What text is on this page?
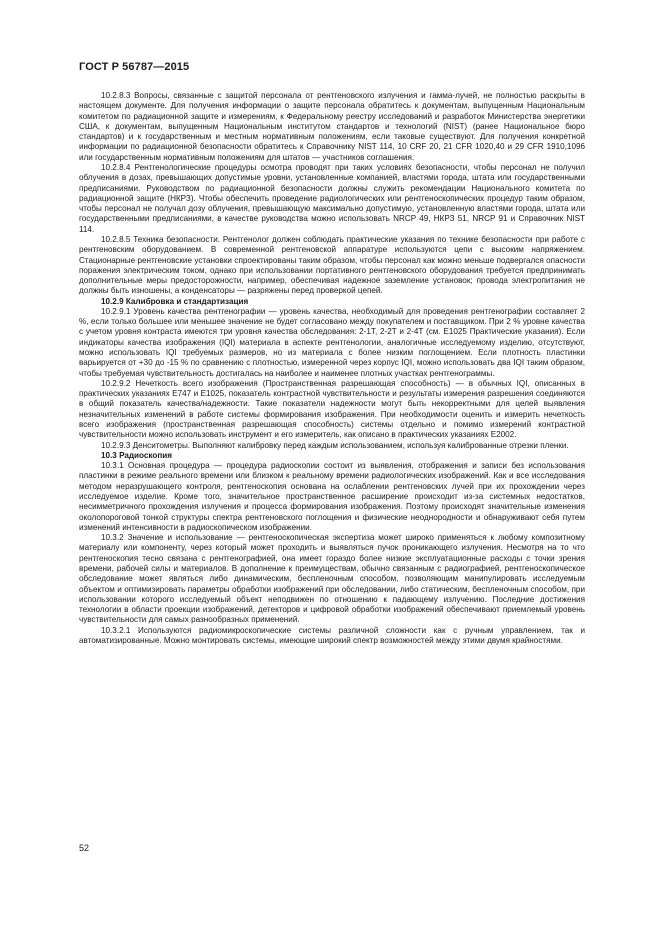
ГОСТ Р 56787—2015

10.2.8.3 Вопросы, связанные с защитой персонала от рентгеновского излучения и гамма-лучей, не полностью раскрыты в настоящем документе. Для получения информации о защите персонала обратитесь к документам, выпущенным Национальным комитетом по радиационной защите и измерениям, к Федеральному реестру исследований и разработок Министерства энергетики США, к документам, выпущенным Национальным институтом стандартов и технологий (NIST) (ранее Национальное бюро стандартов) и к государственным и местным нормативным положениям, если таковые существуют. Для получения конкретной информации по радиационной безопасности обратитесь к Справочнику NIST 114, 10 CRF 20, 21 CFR 1020,40 и 29 CFR 1910,1096 или государственным нормативным положениям для штатов — участников соглашения.

10.2.8.4 Рентгенологические процедуры осмотра проводят при таких условиях безопасности, чтобы персонал не получил облучения в дозах, превышающих допустимые уровни, установленные компанией, властями города, штата или государственными предписаниями. Руководством по радиационной безопасности должны служить рекомендации Национального комитета по радиационной защите (НКРЗ). Чтобы обеспечить проведение радиологических или рентгеноскопических процедур таким образом, чтобы персонал не получал дозу облучения, превышающую максимально допустимую, установленную властями города, штата или государственными предписаниями, в качестве руководства можно использовать NRCP 49, НКРЗ 51, NRCP 91 и Справочник NIST 114.

10.2.8.5 Техника безопасности. Рентгенолог должен соблюдать практические указания по технике безопасности при работе с рентгеновским оборудованием. В современной рентгеновской аппаратуре используются цепи с высоким напряжением. Стационарные рентгеновские установки спроектированы таким образом, чтобы персонал как можно меньше подвергался опасности поражения электрическим током, однако при использовании портативного рентгеновского оборудования требуется предпринимать дополнительные меры предосторожности, например, обеспечивая надежное заземление установок; провода электропитания не должны быть изношены, а конденсаторы — разряжены перед проверкой цепей.

10.2.9 Калибровка и стандартизация

10.2.9.1 Уровень качества рентгенографии — уровень качества, необходимый для проведения рентгенографии составляет 2 %, если только большее или меньшее значение не будет согласовано между покупателем и поставщиком. При 2 % уровне качества с учетом уровня контраста имеются три уровня качества обследования: 2-1T, 2-2T и 2-4T (см. E1025 Практические указания). Если индикаторы качества изображения (IQI) материала в аспекте рентгенологии, аналогичные исследуемому изделию, отсутствуют, можно использовать IQI требуемых размеров, но из материала с более низким поглощением. Если плотность пластинки варьируется от +30 до -15 % по сравнению с плотностью, измеренной через корпус IQI, можно использовать два IQI таким образом, чтобы требуемая чувствительность достигалась на наиболее и наименее плотных участках рентгенограммы.

10.2.9.2 Нечеткость всего изображения (Пространственная разрешающая способность) — в обычных IQI, описанных в практических указаниях E747 и E1025, показатель контрастной чувствительности и результаты измерения разрешения соединяются в общий показатель качества/надежности. Такие показатели надежности могут быть некорректными для целей выявления незначительных изменений в работе системы формирования изображения. При необходимости оценить и измерить нечеткость всего изображения (пространственная разрешающая способность) системы отдельно и помимо измерений контрастной чувствительности можно использовать инструмент и его измеритель, как описано в практических указаниях E2002.

10.2.9.3 Денситометры. Выполняют калибровку перед каждым использованием, используя калиброванные отрезки пленки.

10.3 Радиоскопия

10.3.1 Основная процедура — процедура радиоскопии состоит из выявления, отображения и записи без использования пластинки в режиме реального времени или близком к реальному времени радиологических изображений. Как и все исследования методом неразрушающего контроля, рентгеноскопия основана на ослаблении рентгеновских лучей при их прохождении через исследуемое изделие. Кроме того, значительное пространственное расширение происходит из-за системных недостатков, несимметричного прохождения излучения и процесса формирования изображения. Поэтому происходят значительные изменения околопороговой тонкой структуры спектра рентгеновского поглощения и физические неоднородности и обнаруживают себя путем изменений интенсивности в радиоскопическом изображении.

10.3.2 Значение и использование — рентгеноскопическая экспертиза может широко применяться к любому композитному материалу или компоненту, через который может проходить и выявляться пучок проникающего излучения. Несмотря на то что рентгеноскопия тесно связана с рентгенографией, она имеет гораздо более низкие эксплуатационные расходы с точки зрения времени, рабочей силы и материалов. В дополнение к преимуществам, обычно связанным с радиографией, рентгеноскопическое обследование может являться либо динамическим, беспленочным способом, позволяющим манипулировать исследуемым объектом и оптимизировать параметры обработки изображений при обследовании, либо статическим, беспленочным способом, при использовании которого исследуемый объект неподвижен по отношению к падающему излучению. Последние достижения технологии в области проекции изображений, детекторов и цифровой обработки изображений обеспечивают приемлемый уровень чувствительности для самых разнообразных применений.

10.3.2.1 Используются радиомикроскопические системы различной сложности как с ручным управлением, так и автоматизированные. Можно монтировать системы, имеющие широкий спектр возможностей между этими двумя крайностями.

52
